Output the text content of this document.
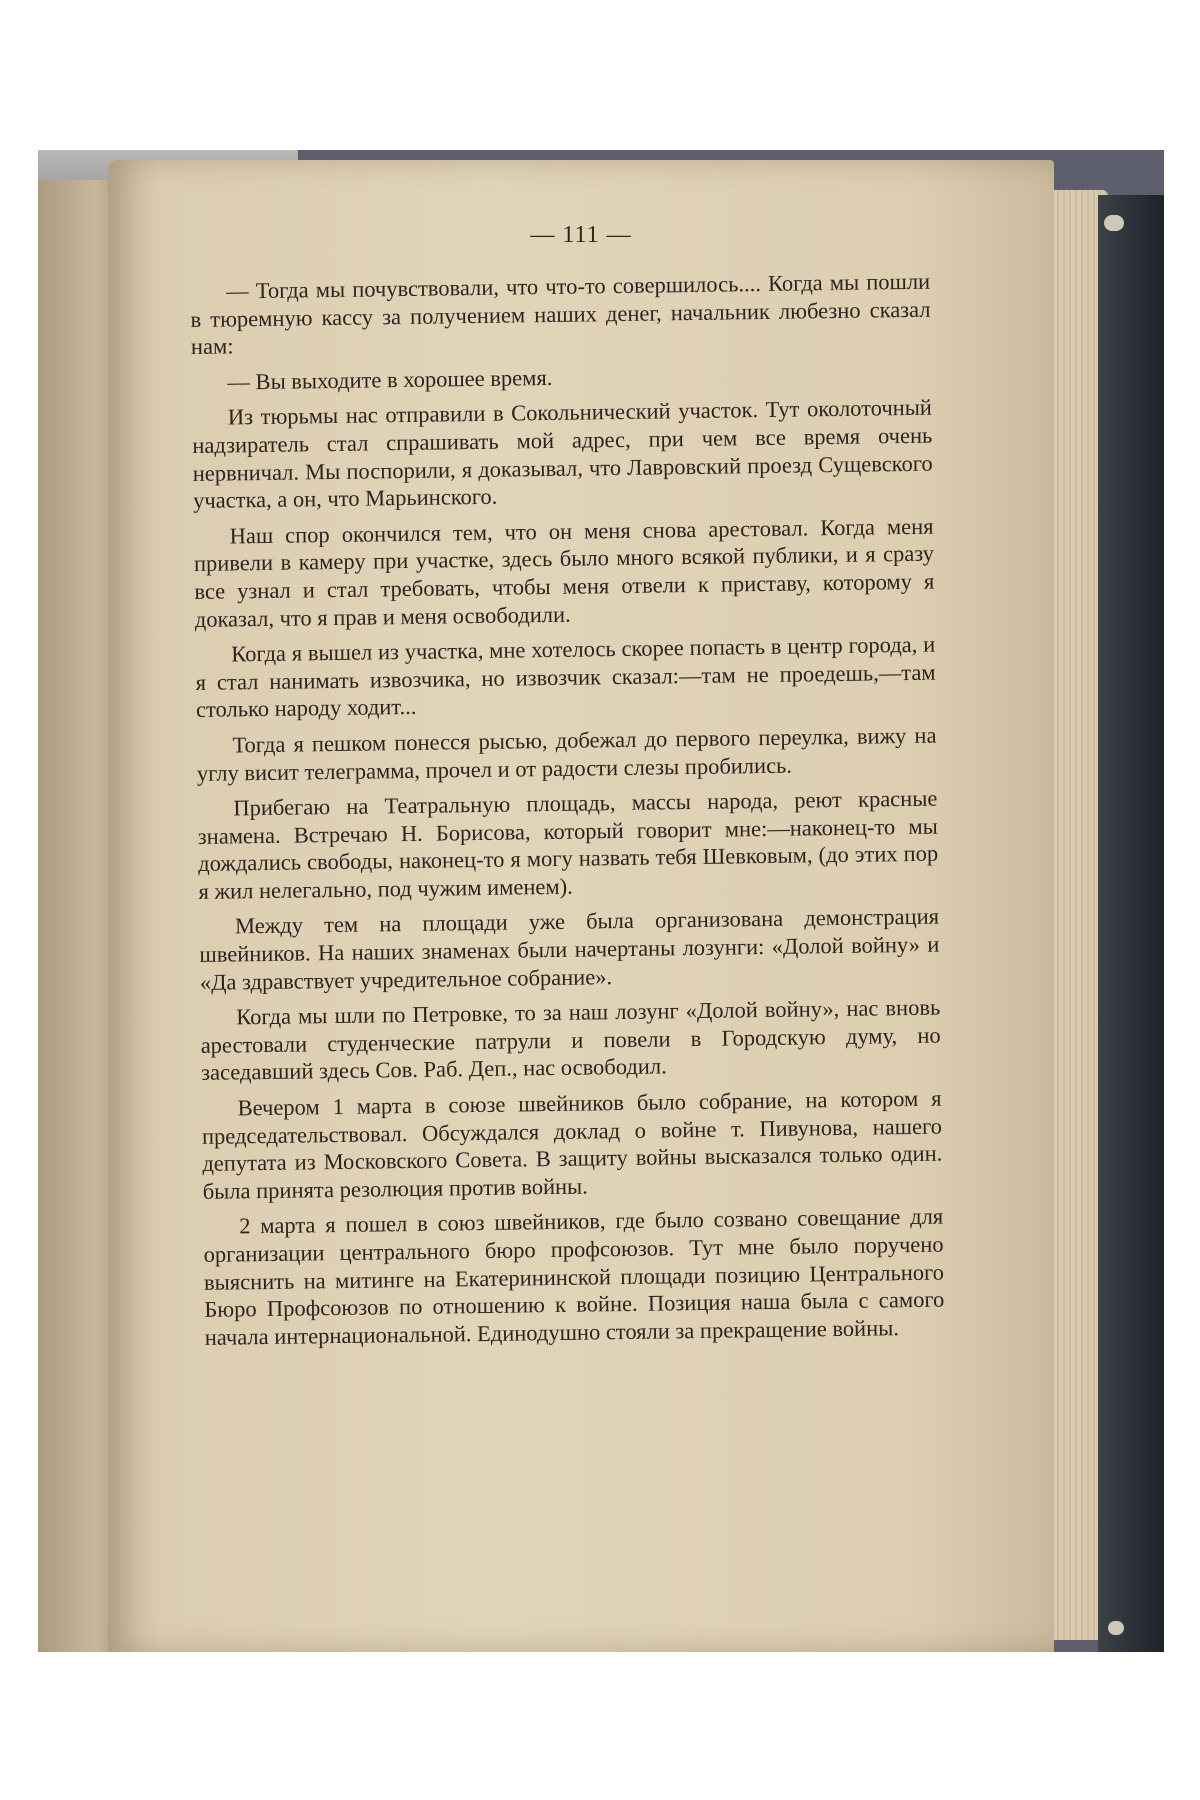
— 111 —

— Тогда мы почувствовали, что что-то совершилось.... Когда мы пошли в тюремную кассу за получением наших денег, начальник любезно сказал нам:

— Вы выходите в хорошее время.

Из тюрьмы нас отправили в Сокольнический участок. Тут околоточный надзиратель стал спрашивать мой адрес, при чем все время очень нервничал. Мы поспорили, я доказывал, что Лавровский проезд Сущевского участка, а он, что Марьинского.

Наш спор окончился тем, что он меня снова арестовал. Когда меня привели в камеру при участке, здесь было много всякой публики, и я сразу все узнал и стал требовать, чтобы меня отвели к приставу, которому я доказал, что я прав и меня освободили.

Когда я вышел из участка, мне хотелось скорее попасть в центр города, и я стал нанимать извозчика, но извозчик сказал:—там не проедешь,—там столько народу ходит...

Тогда я пешком понесся рысью, добежал до первого переулка, вижу на углу висит телеграмма, прочел и от радости слезы пробились.

Прибегаю на Театральную площадь, массы народа, реют красные знамена. Встречаю Н. Борисова, который говорит мне:—наконец-то мы дождались свободы, наконец-то я могу назвать тебя Шевковым, (до этих пор я жил нелегально, под чужим именем).

Между тем на площади уже была организована демонстрация швейников. На наших знаменах были начертаны лозунги: «Долой войну» и «Да здравствует учредительное собрание».

Когда мы шли по Петровке, то за наш лозунг «Долой войну», нас вновь арестовали студенческие патрули и повели в Городскую думу, но заседавший здесь Сов. Раб. Деп., нас освободил.

Вечером 1 марта в союзе швейников было собрание, на котором я председательствовал. Обсуждался доклад о войне т. Пивунова, нашего депутата из Московского Совета. В защиту войны высказался только один. была принята резолюция против войны.

2 марта я пошел в союз швейников, где было созвано совещание для организации центрального бюро профсоюзов. Тут мне было поручено выяснить на митинге на Екатерининской площади позицию Центрального Бюро Профсоюзов по отношению к войне. Позиция наша была с самого начала интернациональной. Единодушно стояли за прекращение войны.
